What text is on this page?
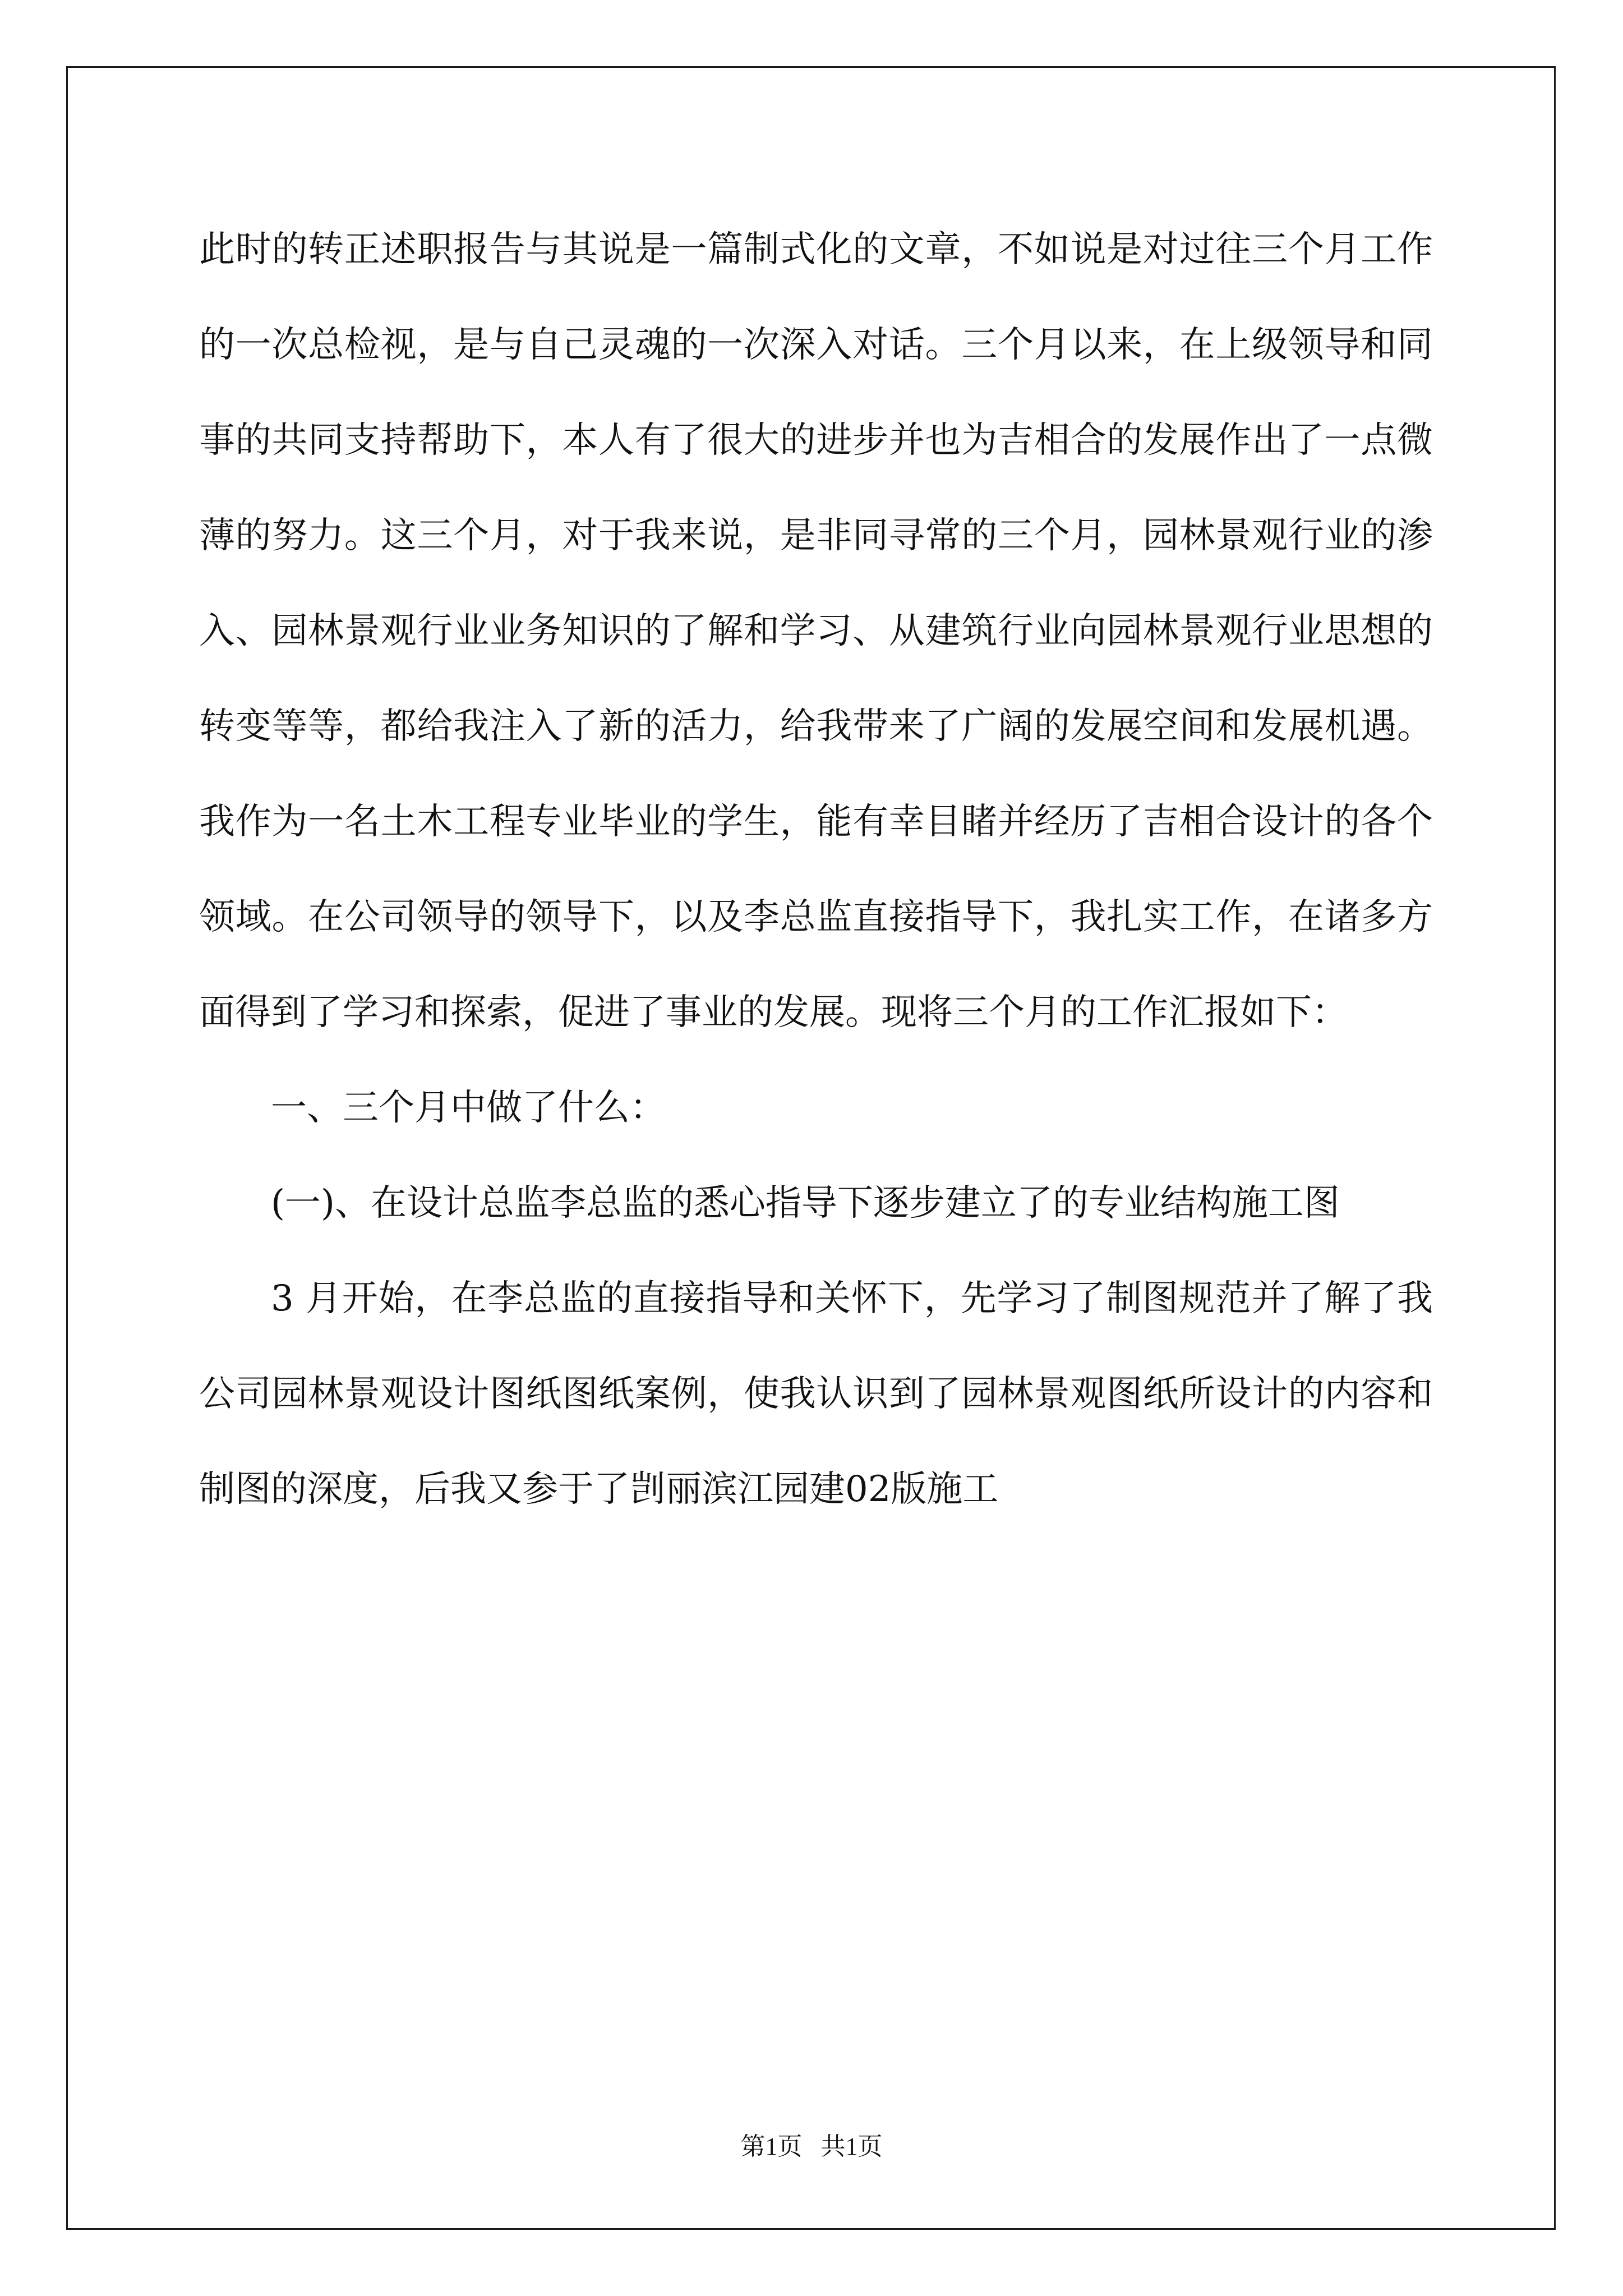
此时的转正述职报告与其说是一篇制式化的文章，不如说是对过往三个月工作的一次总检视，是与自己灵魂的一次深入对话。三个月以来，在上级领导和同事的共同支持帮助下，本人有了很大的进步并也为吉相合的发展作出了一点微薄的努力。这三个月，对于我来说，是非同寻常的三个月，园林景观行业的渗入、园林景观行业业务知识的了解和学习、从建筑行业向园林景观行业思想的转变等等，都给我注入了新的活力，给我带来了广阔的发展空间和发展机遇。我作为一名土木工程专业毕业的学生，能有幸目睹并经历了吉相合设计的各个领域。在公司领导的领导下，以及李总监直接指导下，我扎实工作，在诸多方面得到了学习和探索，促进了事业的发展。现将三个月的工作汇报如下：

一、三个月中做了什么：

(一)、在设计总监李总监的悉心指导下逐步建立了的专业结构施工图

3 月开始，在李总监的直接指导和关怀下，先学习了制图规范并了解了我公司园林景观设计图纸图纸案例，使我认识到了园林景观图纸所设计的内容和制图的深度，后我又参于了剀丽滨江园建02版施工

第1页   共1页
